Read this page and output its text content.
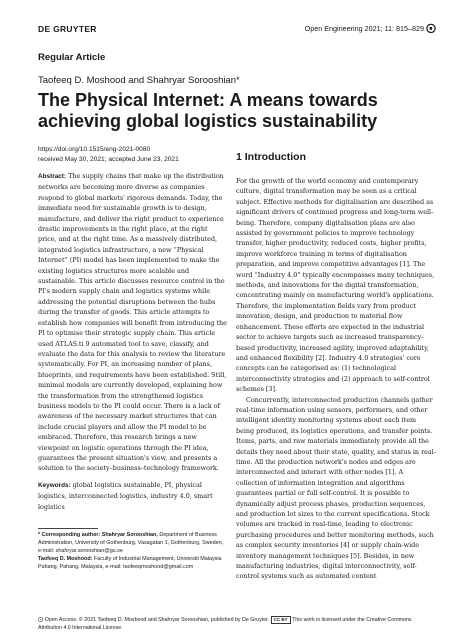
DE GRUYTER	Open Engineering 2021; 11: 815–829 ⨀
Regular Article
Taofeeq D. Moshood and Shahryar Sorooshian*
The Physical Internet: A means towards achieving global logistics sustainability
https://doi.org/10.1515/eng-2021-0080
received May 30, 2021; accepted June 23, 2021

Abstract: The supply chains that make up the distribution networks are becoming more diverse as companies respond to global markets' rigorous demands. Today, the immediate need for sustainable growth is to design, manufacture, and deliver the right product to experience drastic improvements in the right place, at the right price, and at the right time. As a massively distributed, integrated logistics infrastructure, a new “Physical Internet” (PI) model has been implemented to make the existing logistics structures more scalable and sustainable. This article discusses resource control in the PI's modern supply chain and logistics systems while addressing the potential disruptions between the hubs during the transfer of goods. This article attempts to establish how companies will benefit from introducing the PI to optimise their strategic supply chain. This article used ATLAS.ti 9 automated tool to save, classify, and evaluate the data for this analysis to review the literature systematically. For PI, an increasing number of plans, blueprints, and requirements have been established. Still, minimal models are currently developed, explaining how the transformation from the strengthened logistics business models to the PI could occur. There is a lack of awareness of the necessary market structures that can include crucial players and allow the PI model to be embraced. Therefore, this research brings a new viewpoint on logistic operations through the PI idea, guarantees the present situation's view, and presents a solution to the society–business–technology framework.

Keywords: global logistics sustainable, PI, physical logistics, interconnected logistics, industry 4.0, smart logistics

* Corresponding author: Shahryar Sorooshian, Department of Business Administration, University of Gothenburg, Vasagatan 1, Gothenburg, Sweden, e-mail: shahryar.sorooshian@gu.se

Taofeeq D. Moshood: Faculty of Industrial Management, Universiti Malaysia Pahang, Pahang, Malaysia, e-mail: taofeeqmoshood@gmail.com

1 Introduction

For the growth of the world economy and contemporary culture, digital transformation may be seen as a critical subject. Effective methods for digitalisation are described as significant drivers of continued progress and long-term well-being. Therefore, company digitalisation plans are also assisted by government policies to improve technology transfer, higher productivity, reduced costs, higher profits, improve workforce training in terms of digitalisation preparation, and improve competitive advantages [1]. The word “Industry 4.0” typically encompasses many techniques, methods, and innovations for the digital transformation, concentrating mainly on manufacturing world's applications. Therefore, the implementation fields vary from product innovation, design, and production to material flow enhancement. These efforts are expected in the industrial sector to achieve targets such as increased transparency-based productivity, increased agility, improved adaptability, and enhanced flexibility [2]. Industry 4.0 strategies' core concepts can be categorised as: (1) technological interconnectivity strategies and (2) approach to self-control schemes [3].

Concurrently, interconnected production channels gather real-time information using sensors, performers, and other intelligent identity monitoring systems about each item being produced, its logistics operations, and transfer points. Items, parts, and raw materials immediately provide all the details they need about their state, quality, and status in real-time. All the production network's nodes and edges are interconnected and interact with other nodes [1]. A collection of information integration and algorithms guarantees partial or full self-control. It is possible to dynamically adjust process phases, production sequences, and production lot sizes to the current specifications. Stock volumes are tracked in real-time, leading to electronic purchasing procedures and better monitoring methods, such as complex security inventories [4] or supply chain-wide inventory management techniques [5]. Besides, in new manufacturing industries, digital interconnectivity, self-control systems such as automated content

⨀ Open Access. © 2021 Taofeeq D. Moshood and Shahryar Sorooshian, published by De Gruyter. CC BY This work is licensed under the Creative Commons Attribution 4.0 International License.
